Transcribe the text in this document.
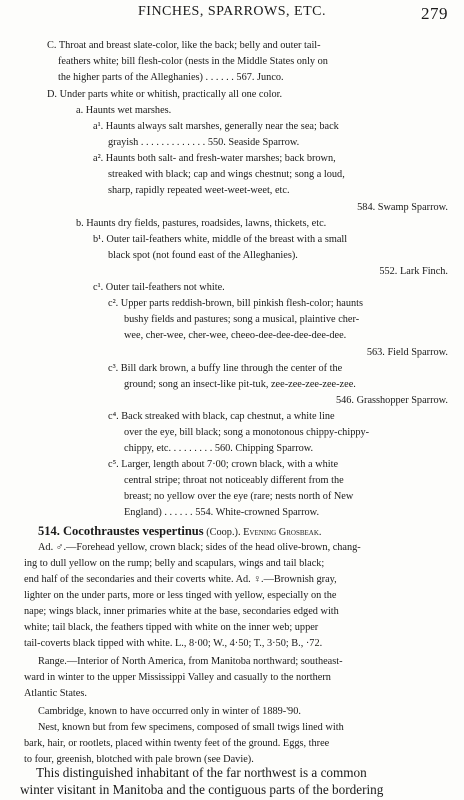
FINCHES, SPARROWS, ETC.	279
C. Throat and breast slate-color, like the back; belly and outer tail-
feathers white; bill flesh-color (nests in the Middle States only on
the higher parts of the Alleghanies) . . . . . . 567. Junco.
D. Under parts white or whitish, practically all one color.
a. Haunts wet marshes.
a¹. Haunts always salt marshes, generally near the sea; back
grayish . . . . . . . . . . . . . 550. Seaside Sparrow.
a². Haunts both salt- and fresh-water marshes; back brown,
streaked with black; cap and wings chestnut; song a loud,
sharp, rapidly repeated weet-weet-weet, etc.
584. Swamp Sparrow.
b. Haunts dry fields, pastures, roadsides, lawns, thickets, etc.
b¹. Outer tail-feathers white, middle of the breast with a small
black spot (not found east of the Alleghanies).
552. Lark Finch.
c¹. Outer tail-feathers not white.
c². Upper parts reddish-brown, bill pinkish flesh-color; haunts
bushy fields and pastures; song a musical, plaintive cher-
wee, cher-wee, cher-wee, cheeo-dee-dee-dee-dee-dee.
563. Field Sparrow.
c³. Bill dark brown, a buffy line through the center of the
ground; song an insect-like pit-tuk, zee-zee-zee-zee-zee.
546. Grasshopper Sparrow.
c⁴. Back streaked with black, cap chestnut, a white line
over the eye, bill black; song a monotonous chippy-chippy-
chippy, etc. . . . . . . . . 560. Chipping Sparrow.
c⁵. Larger, length about 7·00; crown black, with a white
central stripe; throat not noticeably different from the
breast; no yellow over the eye (rare; nests north of New
England) . . . . . . 554. White-crowned Sparrow.
514. Cocothraustes vespertinus (Coop.). Evening Grosbeak.
Ad. ♂.—Forehead yellow, crown black; sides of the head olive-brown, chang-
ing to dull yellow on the rump; belly and scapulars, wings and tail black;
end half of the secondaries and their coverts white. Ad. ♀.—Brownish gray,
lighter on the under parts, more or less tinged with yellow, especially on the
nape; wings black, inner primaries white at the base, secondaries edged with
white; tail black, the feathers tipped with white on the inner web; upper
tail-coverts black tipped with white. L., 8·00; W., 4·50; T., 3·50; B., ·72.
Range.—Interior of North America, from Manitoba northward; southeast-
ward in winter to the upper Mississippi Valley and casually to the northern
Atlantic States.
Cambridge, known to have occurred only in winter of 1889-'90.
Nest, known but from few specimens, composed of small twigs lined with
bark, hair, or rootlets, placed within twenty feet of the ground. Eggs, three
to four, greenish, blotched with pale brown (see Davie).
This distinguished inhabitant of the far northwest is a common
winter visitant in Manitoba and the contiguous parts of the bordering
